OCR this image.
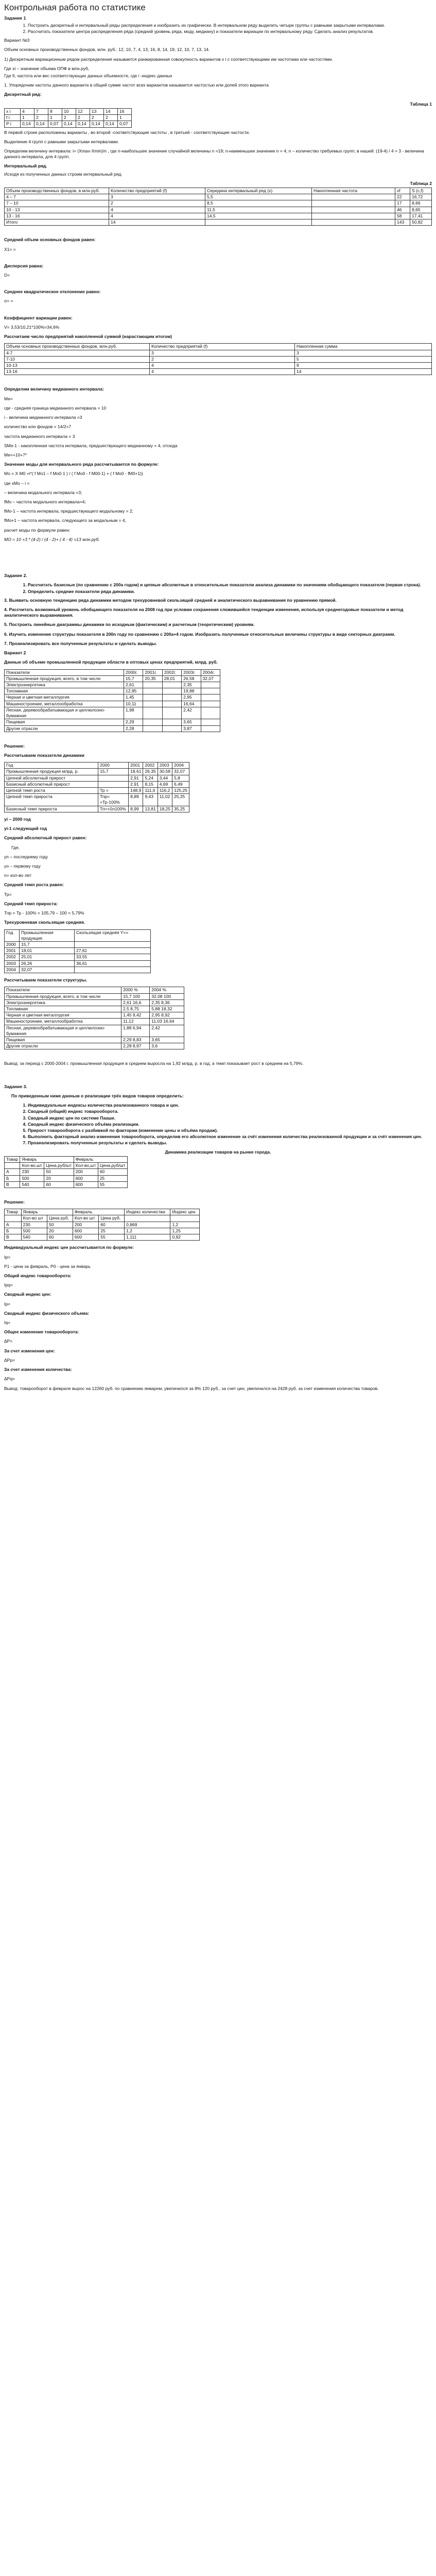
Контрольная работа по статистике

Задание 1

1. Построить дискретный и интервальный ряды распределения и изобразить их графически. В интервальном ряду выделить четыре группы с равными закрытыми интервалами.
2. Рассчитать показатели центра распределения ряда (средний уровень ряда, моду, медиану) и показатели вариации по интервальному ряду. Сделать анализ результатов.

Вариант №3

Объем основных производственных фондов, млн. руб.: 12, 10, 7, 4, 13, 16, 8, 14, 19, 12, 10, 7, 13, 14.

1) Дискретным вариационным рядом распределения называется ранжированная совокупность вариантов x i с соответствующими им частотами или частостями.

Где xi – значение объема ОПФ в млн.руб,

Где fi, частота или вес соответствующих данных объемносте, где i -индекс данных

1. Упорядочим частоты данного варианта в общей сумме частот всех вариантов называется частостью или долей этого варианта

Дискретный ряд:

Таблица 1
x i	4	7	8	10	12	13	14	16
f i	1	2	1	2	2	2	2	1
P i	0,14	0,14	0,07	0,14	0,14	0,14	0,14	0,07

В первой строке расположены варианты , во второй -соответствующие частоты , в третьей - соответствующие частости.

Выделение 4 групп с равными закрытыми интервалами.

Определим величину интервала: i= (Xmax-Xmin)/n , где n-наибольшее значение случайной величины n =19; n-наименьшее значение n = 4; n – количество требуемых групп; в нашей: (19-4) / 4 = 3 - величина данного интервала, для 4 групп.

Интервальный ряд.

Исходя из полученных данных строим интервальный ряд.

Таблица 2
Объем производственных фондов, в млн.руб.	Количество предприятий (f)	Середина интервальный ряд (x)	Накопленная частота	xf	S (c,f)
4 – 7	3	5,5		22	16,72
7 – 10	2	8,5		17	8,66
10 - 13	4	11,5		46	8,65
13 - 16	4	14,5		58	17,41
Итого	14			143	50,82

Средний объем основных фондов равен:

X1= =

Дисперсия равна:

D=

Среднее квадратическое отклонение равно:

σ= =

Коэффициент вариации равен:

V= 3,53/10,21*100%=34,6%

Рассчитаем число предприятий накопленной суммой (нарастающим итогом)

Объем основных производственных фондов, млн.руб.	Количество предприятий (f)	Накопленная сумма
4-7	3	3
7-10	2	5
10-13	4	9
13-16	4	14

Определим величину медианного интервала:

Me=

где - средняя граница медианного интервала = 10

i - величина медианного интервала =3

количество или фондов = 14/2=7

частота медианного интервала = 3

SMe-1 - накопленная частота интервала, предшествующего медианному = 4, отсюда

Me=+10+7*

Значение моды для интервального ряда рассчитывается по формуле:

Mo = X M0 +i*( f Mo1 – f Mo0-1 ) / ( f Mo0 - f M00-1) + ( f Mo0 - fM0+1))

где xMo – i =

– величина модального интервала =3;

fMo – частота модального интервала=4;

fMo-1 – частота интервала, предшествующего модальному = 2;

fMo+1 – частота интервала, следующего за модальным = 4,

расчет моды по формуле равен:

MO = 10 +3 * (4-2) / (4 - 2)+ ( 4 - 4) =13 млн.руб.

Задание 2.

1. Рассчитать базисные (по сравнению с 200а годом) и цепные абсолютные в относительные показатели анализа динамики по значениям обобщающего показателя (первая строка).
2. Определить средние показатели ряда динамики.

3. Выявить основную тенденцию ряда динамики методом трехуровневой скользящей средней и аналитического выравнивания по уравнению прямой.

4. Рассчитать возможный уровень обобщающего показателя на 2008 год при условии сохранения сложившейся тенденции изменения, используя среднегодовые показатели и метод аналитического выравнивания.

5. Построить линейные диаграммы динамики по исходным (фактическим) и расчетным (теоретическим) уровням.

6. Изучить изменение структуры показателя в 200n году по сравнению с 200а+4 годом. Изобразить полученные относительные величины структуры в виде секторных диаграмм.

7. Проанализировать все полученные результаты и сделать выводы.

Вариант 2

Данные об объеме промышленной продукции области в оптовых ценах предприятий, млрд. руб.

Показатели	2000г.	2001г.	2002г.	2003г.	2004г.
Промышленная продукция, всего, в том числе	15,7	20,35	28,01	26,58	32,07
Электроэнергетика	2,61			2,35	
Топливная	12,95			19,88	
Черная и цветная металлургия	1,45			2,95	
Машиностроение, металлообработка	10,11			16,64	
Лесная, деревообрабатывающая и целлюлозно-бумажная	1,98			2,42	
Пищевая	2,29			3,65	
Другие отрасли	2,28			3,87	

Решение:

Рассчитываем показатели динамики

Год	2000	2001	2002	2003	2004
Промышленная продукция млрд. р.	15,7	18,61	26,35	30,58	32,07
Цепной абсолютный прирост		2,91	5,24	3,44	5,8
Базисный абсолютный прирост		2,91	8,15	4,69	6,49
Цепной темп роста	Тр =	148,9	111,0	116,2	125,25
Цепной темп прироста	Тпр= =Тр-100%	8,89	9,43	11,02	25,25
Базисный темп прироста	Тп=+0л100%	8,99	13,81	18,25	35,25

yi – 2000 год

yi-1 следующий год

Средний абсолютный прирост равен:

Гдe,

yn – последнему году

yo – первому году

n= кол-во лет

Средний темп роста равен:

Тр=

Средний темп прироста:

Тпр = Тр - 100% = 105,79 – 100 = 5,79%

Трехуровневая скользящая средняя.

Год	Промышленная продукция	Скользящая средняя Y==
2000	15,7	
2001	18,01	27,61
2002	25,01	33,55
2003	26,26	36,61
2004	32,07	

Рассчитываем показатели структуры.

Показатели	2000 %	2004 %
Промышленная продукция, всего, в том числе	15,7 100	32,08 100
Электроэнергетика	2,61 16,6	2,35 8,36
Топливная	2,5 8,75	5,88 18,32
Черная и цветная металлургия	1,45 9,42	2,95 8,92
Машиностроение, металлообработка	11,12	11,03 16,64
Лесная, деревообрабатывающая и целлюлозно-бумажная	1,88 6,94	2,42
Пищевая	2,29 8,83	3,65
Другие отрасли	2,28 8,97	3,6

Вывод: за период с 2000-2004 г. промышленная продукция в среднем выросла на 1,92 млрд. р. в год, а темп показывает рост в среднем на 5,79%.

Задание 3.

По приведенным ниже данным о реализации трёх видов товаров определить:

1. Индивидуальные индексы количества реализованного товара и цен.
2. Сводный (общий) индекс товарооборота.
3. Сводный индекс цен по системе Пааше.
4. Сводный индекс физического объёма реализации.
5. Прирост товарооборота с разбивкой по факторам (изменение цены и объёма продаж).
6. Выполнить факторный анализ изменения товарооборота, определив его абсолютное изменение за счёт изменения количества реализованной продукции и за счёт изменения цен.
7. Проанализировать полученные результаты и сделать выводы.
Динамика реализации товаров на рынке города.
Товар	Январь		Февраль	
	Кол-во,шт	Цена,руб/шт	Кол-во,шт	Цена,руб/шт
А	230	50	200	60
Б	500	20	600	25
В	540	60	600	55

Решение:

Товар	Январь		Февраль		Индекс количества	Индекс цен
	Кол-во шт	Цена руб.	Кол-во шт	Цена руб.		
А	230	50	200	60	0,869	1,2
Б	500	20	600	25	1,2	1,25
В	540	60	600	55	1,111	0,92

Индивидуальный индекс цен рассчитывается по формуле:

Iр=

Р1 - цена за февраль, Р0 - цена за январь

Общий индекс товарооборота:

Iрq=

Сводный индекс цен:

Iр=

Сводный индекс физического объема:

Iq=

Общее изменение товарооборота:

ΔΡ=

За счет изменения цен:

ΔΡр=

За счет изменения количества:

ΔΡq=

Вывод: товарооборот в феврале вырос на 12260 руб. по сравнению январем, увеличился за 8% 120 руб., за счет цен, увеличился на 2428 руб. за счет изменения количества товаров.
